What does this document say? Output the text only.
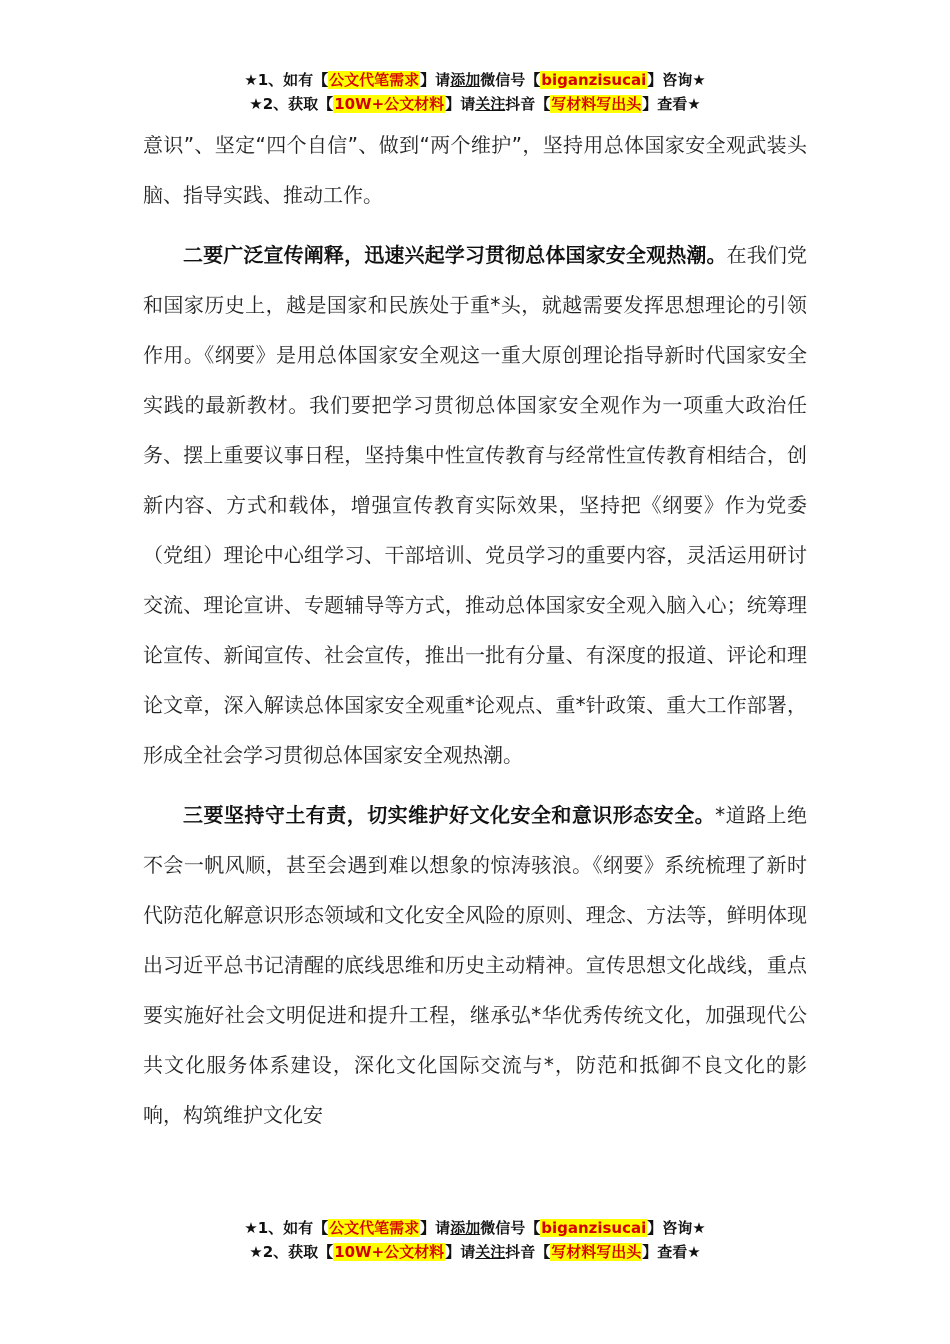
★1、如有【公文代笔需求】请添加微信号【biganzisucai】咨询★
★2、获取【10W+公文材料】请关注抖音【写材料写出头】查看★

意识”、坚定“四个自信”、做到“两个维护”，坚持用总体国家安全观武装头脑、指导实践、推动工作。

二要广泛宣传阐释，迅速兴起学习贯彻总体国家安全观热潮。在我们党和国家历史上，越是国家和民族处于重*头，就越需要发挥思想理论的引领作用。《纲要》是用总体国家安全观这一重大原创理论指导新时代国家安全实践的最新教材。我们要把学习贯彻总体国家安全观作为一项重大政治任务、摆上重要议事日程，坚持集中性宣传教育与经常性宣传教育相结合，创新内容、方式和载体，增强宣传教育实际效果，坚持把《纲要》作为党委（党组）理论中心组学习、干部培训、党员学习的重要内容，灵活运用研讨交流、理论宣讲、专题辅导等方式，推动总体国家安全观入脑入心；统筹理论宣传、新闻宣传、社会宣传，推出一批有分量、有深度的报道、评论和理论文章，深入解读总体国家安全观重*论观点、重*针政策、重大工作部署，形成全社会学习贯彻总体国家安全观热潮。

三要坚持守土有责，切实维护好文化安全和意识形态安全。*道路上绝不会一帆风顺，甚至会遇到难以想象的惊涛骇浪。《纲要》系统梳理了新时代防范化解意识形态领域和文化安全风险的原则、理念、方法等，鲜明体现出习近平总书记清醒的底线思维和历史主动精神。宣传思想文化战线，重点要实施好社会文明促进和提升工程，继承弘*华优秀传统文化，加强现代公共文化服务体系建设，深化文化国际交流与*，防范和抵御不良文化的影响，构筑维护文化安

★1、如有【公文代笔需求】请添加微信号【biganzisucai】咨询★
★2、获取【10W+公文材料】请关注抖音【写材料写出头】查看★
